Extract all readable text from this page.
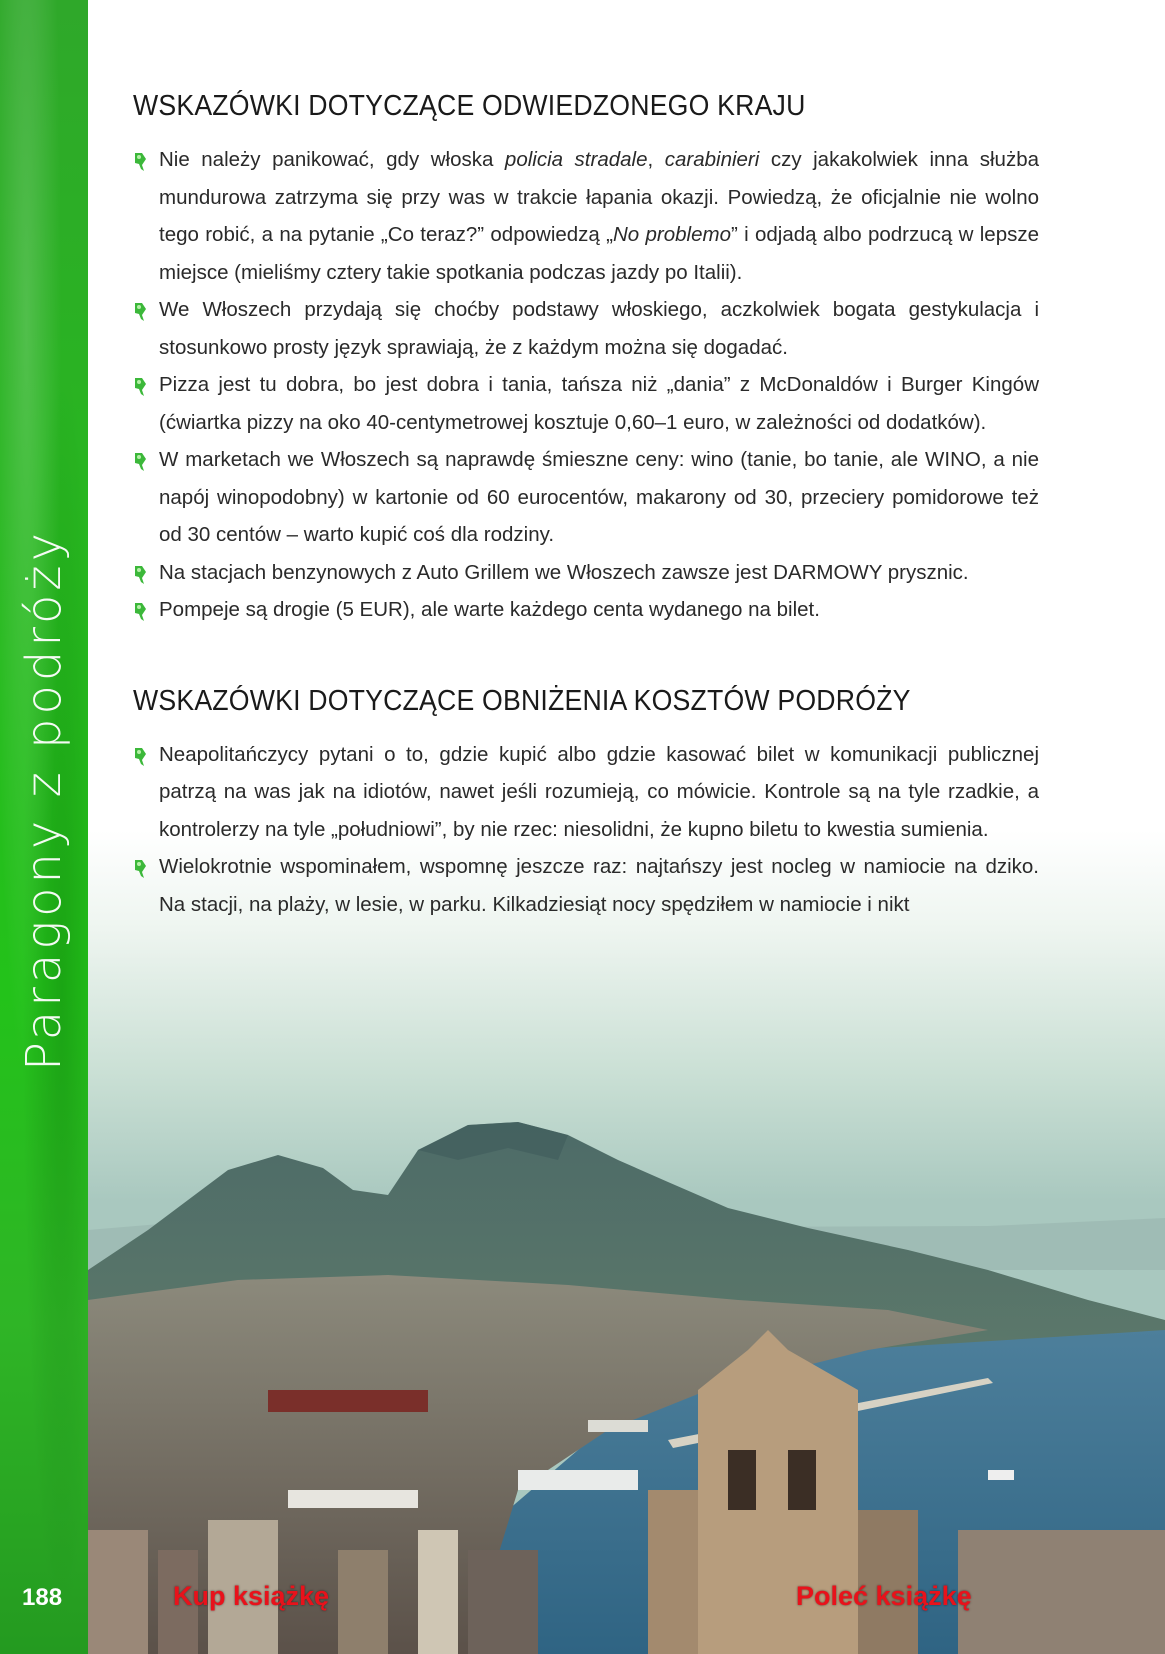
Paragony z podróży
188
WSKAZÓWKI DOTYCZĄCE ODWIEDZONEGO KRAJU
Nie należy panikować, gdy włoska policia stradale, carabinieri czy jakakolwiek inna służba mundurowa zatrzyma się przy was w trakcie łapania okazji. Powiedzą, że oficjalnie nie wolno tego robić, a na pytanie „Co teraz?” odpowiedzą „No problemo” i odjadą albo podrzucą w lepsze miejsce (mieliśmy cztery takie spotkania podczas jazdy po Italii).
We Włoszech przydają się choćby podstawy włoskiego, aczkolwiek bogata gestykulacja i stosunkowo prosty język sprawiają, że z każdym można się dogadać.
Pizza jest tu dobra, bo jest dobra i tania, tańsza niż „dania” z McDonaldów i Burger Kingów (ćwiartka pizzy na oko 40-centymetrowej kosztuje 0,60–1 euro, w zależności od dodatków).
W marketach we Włoszech są naprawdę śmieszne ceny: wino (tanie, bo tanie, ale WINO, a nie napój winopodobny) w kartonie od 60 eurocentów, makarony od 30, przeciery pomidorowe też od 30 centów – warto kupić coś dla rodziny.
Na stacjach benzynowych z Auto Grillem we Włoszech zawsze jest DARMOWY prysznic.
Pompeje są drogie (5 EUR), ale warte każdego centa wydanego na bilet.
WSKAZÓWKI DOTYCZĄCE OBNIŻENIA KOSZTÓW PODRÓŻY
Neapolitańczycy pytani o to, gdzie kupić albo gdzie kasować bilet w komunikacji publicznej patrzą na was jak na idiotów, nawet jeśli rozumieją, co mówicie. Kontrole są na tyle rzadkie, a kontrolerzy na tyle „południowi”, by nie rzec: niesolidni, że kupno biletu to kwestia sumienia.
Wielokrotnie wspominałem, wspomnę jeszcze raz: najtańszy jest nocleg w namiocie na dziko. Na stacji, na plaży, w lesie, w parku. Kilkadziesiąt nocy spędziłem w namiocie i nikt
Kup książkę	Poleć książkę
